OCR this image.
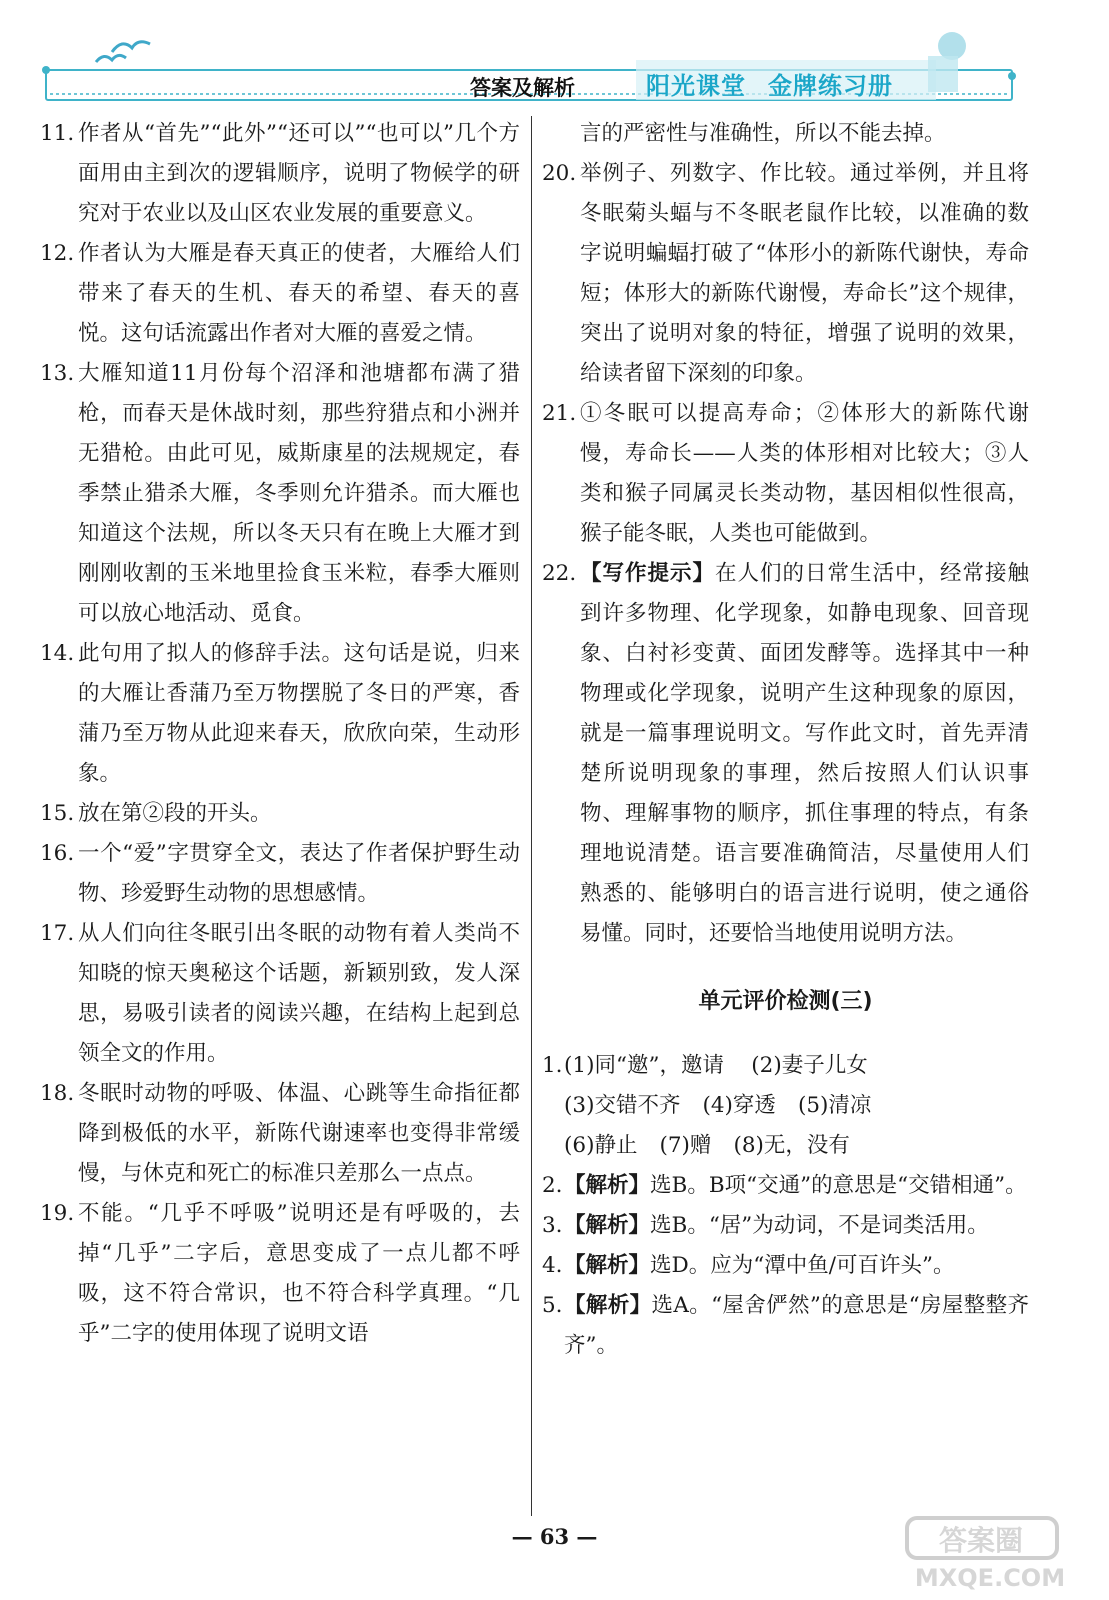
答案及解析	阳光课堂 金牌练习册

11. 作者从“首先”“此外”“还可以”“也可以”几个方面用由主到次的逻辑顺序，说明了物候学的研究对于农业以及山区农业发展的重要意义。

12. 作者认为大雁是春天真正的使者，大雁给人们带来了春天的生机、春天的希望、春天的喜悦。这句话流露出作者对大雁的喜爱之情。

13. 大雁知道11月份每个沼泽和池塘都布满了猎枪，而春天是休战时刻，那些狩猎点和小洲并无猎枪。由此可见，威斯康星的法规规定，春季禁止猎杀大雁，冬季则允许猎杀。而大雁也知道这个法规，所以冬天只有在晚上大雁才到刚刚收割的玉米地里捡食玉米粒，春季大雁则可以放心地活动、觅食。

14. 此句用了拟人的修辞手法。这句话是说，归来的大雁让香蒲乃至万物摆脱了冬日的严寒，香蒲乃至万物从此迎来春天，欣欣向荣，生动形象。

15. 放在第②段的开头。

16. 一个“爱”字贯穿全文，表达了作者保护野生动物、珍爱野生动物的思想感情。

17. 从人们向往冬眠引出冬眠的动物有着人类尚不知晓的惊天奥秘这个话题，新颖别致，发人深思，易吸引读者的阅读兴趣，在结构上起到总领全文的作用。

18. 冬眠时动物的呼吸、体温、心跳等生命指征都降到极低的水平，新陈代谢速率也变得非常缓慢，与休克和死亡的标准只差那么一点点。

19. 不能。“几乎不呼吸”说明还是有呼吸的，去掉“几乎”二字后，意思变成了一点儿都不呼吸，这不符合常识，也不符合科学真理。“几乎”二字的使用体现了说明文语

言的严密性与准确性，所以不能去掉。

20. 举例子、列数字、作比较。通过举例，并且将冬眠菊头蝠与不冬眠老鼠作比较，以准确的数字说明蝙蝠打破了“体形小的新陈代谢快，寿命短；体形大的新陈代谢慢，寿命长”这个规律，突出了说明对象的特征，增强了说明的效果，给读者留下深刻的印象。

21. ①冬眠可以提高寿命；②体形大的新陈代谢慢，寿命长——人类的体形相对比较大；③人类和猴子同属灵长类动物，基因相似性很高，猴子能冬眠，人类也可能做到。

22. 【写作提示】在人们的日常生活中，经常接触到许多物理、化学现象，如静电现象、回音现象、白衬衫变黄、面团发酵等。选择其中一种物理或化学现象，说明产生这种现象的原因，就是一篇事理说明文。写作此文时，首先弄清楚所说明现象的事理，然后按照人们认识事物、理解事物的顺序，抓住事理的特点，有条理地说清楚。语言要准确简洁，尽量使用人们熟悉的、能够明白的语言进行说明，使之通俗易懂。同时，还要恰当地使用说明方法。

单元评价检测(三)

1. (1)同“邀”，邀请 (2)妻子儿女

(3)交错不齐 (4)穿透 (5)清凉

(6)静止 (7)赠 (8)无，没有

2. 【解析】选B。B项“交通”的意思是“交错相通”。

3. 【解析】选B。“居”为动词，不是词类活用。

4. 【解析】选D。应为“潭中鱼/可百许头”。

5. 【解析】选A。“屋舍俨然”的意思是“房屋整整齐齐”。

— 63 —	答案圈
MXQE.COM
